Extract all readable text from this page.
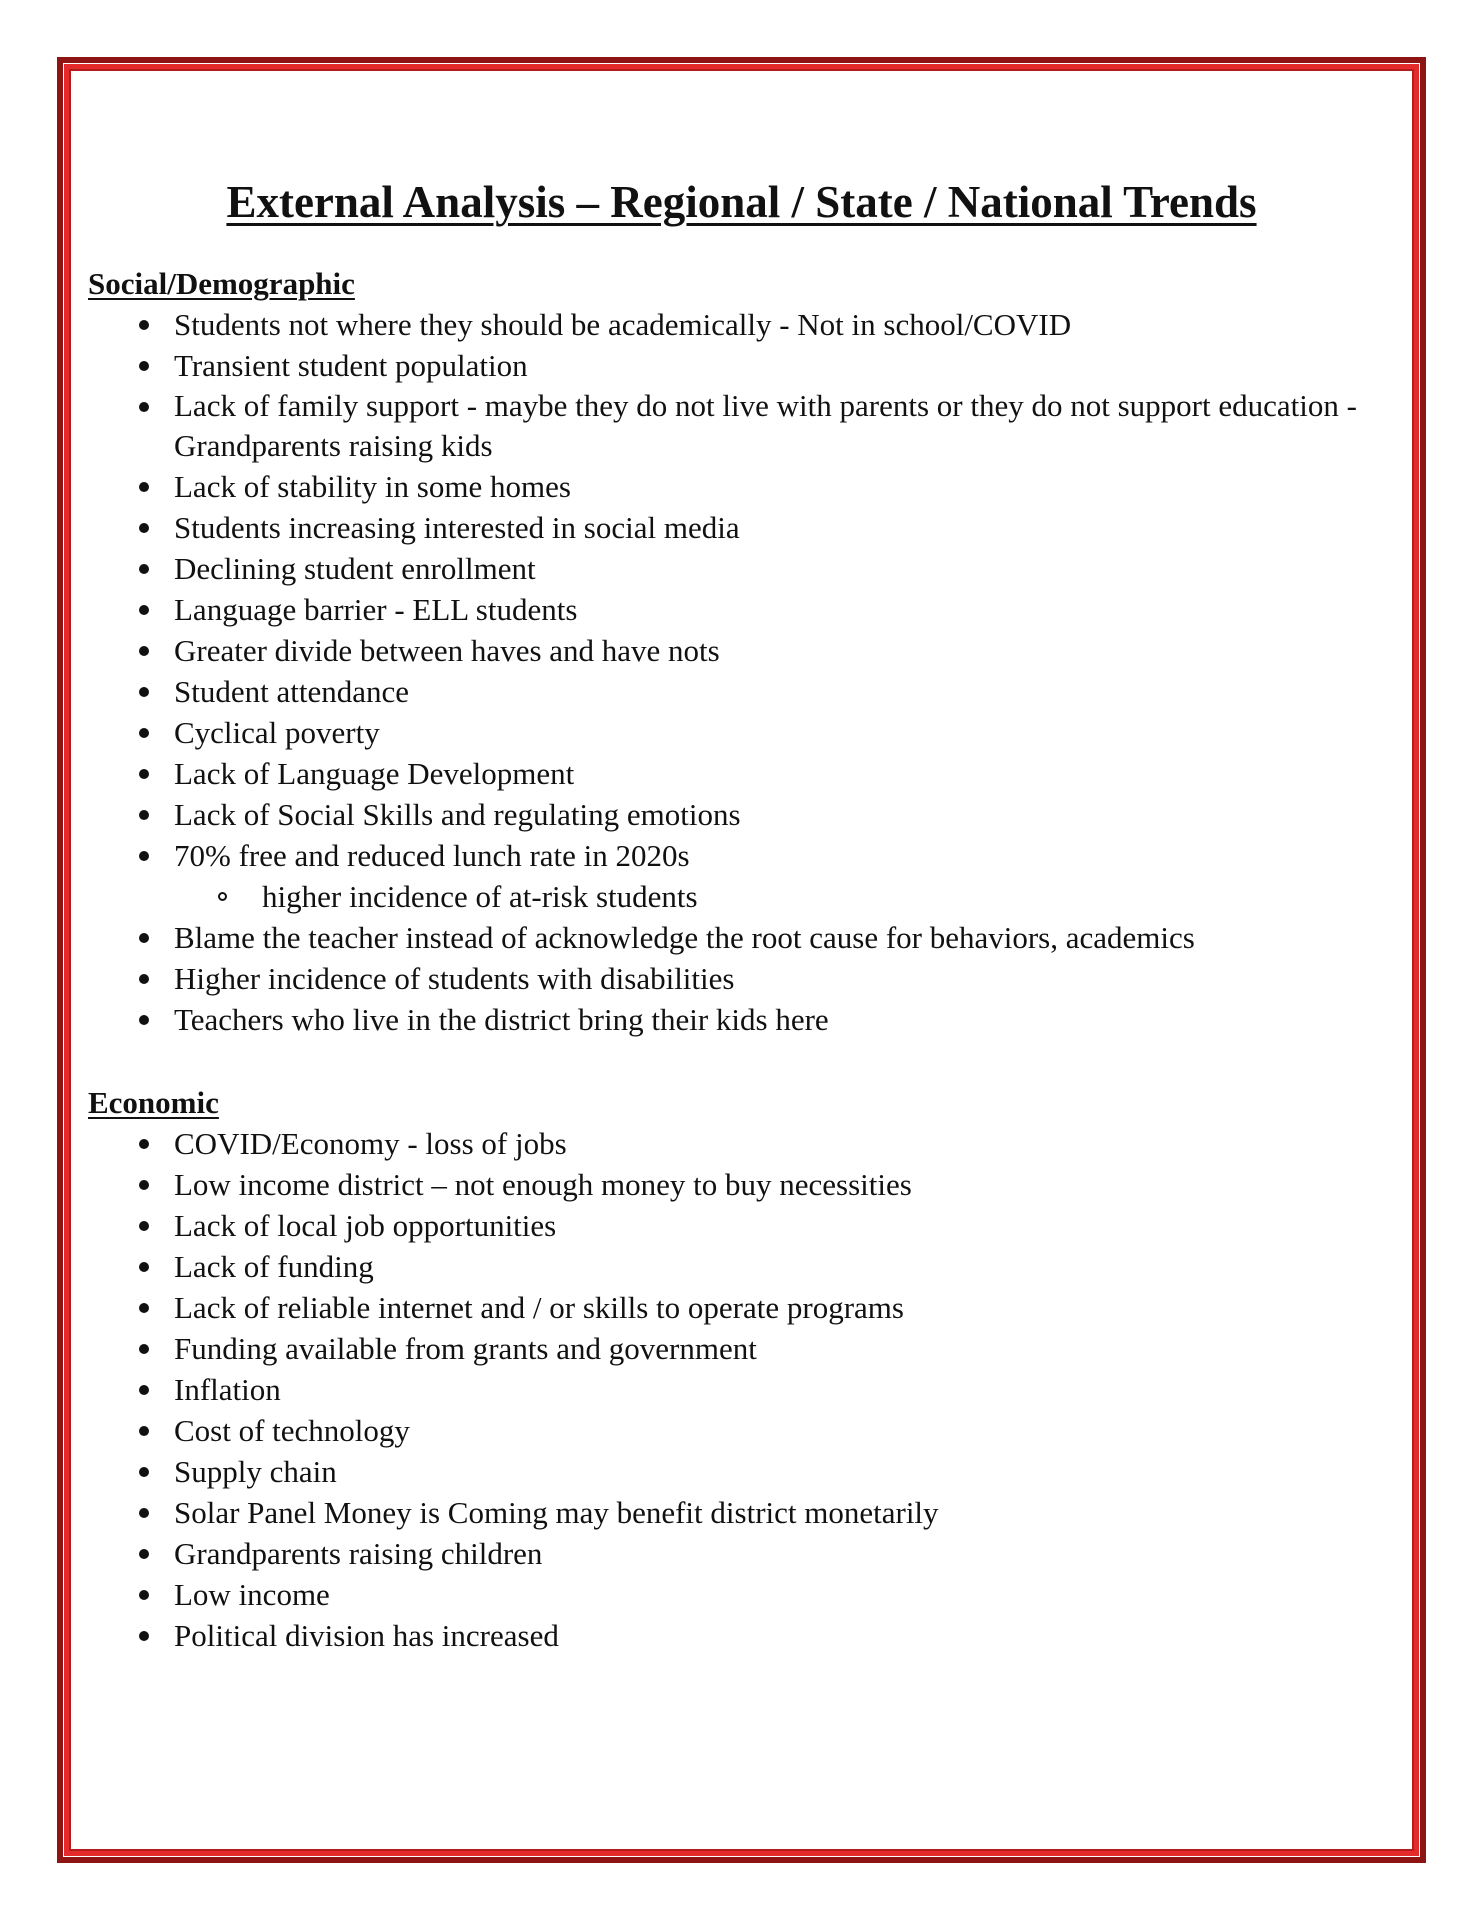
External Analysis – Regional / State / National Trends
Social/Demographic
Students not where they should be academically - Not in school/COVID
Transient student population
Lack of family support - maybe they do not live with parents or they do not support education - Grandparents raising kids
Lack of stability in some homes
Students increasing interested in social media
Declining student enrollment
Language barrier - ELL students
Greater divide between haves and have nots
Student attendance
Cyclical poverty
Lack of Language Development
Lack of Social Skills and regulating emotions
70% free and reduced lunch rate in 2020s
higher incidence of at-risk students
Blame the teacher instead of acknowledge the root cause for behaviors, academics
Higher incidence of students with disabilities
Teachers who live in the district bring their kids here
Economic
COVID/Economy - loss of jobs
Low income district – not enough money to buy necessities
Lack of local job opportunities
Lack of funding
Lack of reliable internet and / or skills to operate programs
Funding available from grants and government
Inflation
Cost of technology
Supply chain
Solar Panel Money is Coming may benefit district monetarily
Grandparents raising children
Low income
Political division has increased
